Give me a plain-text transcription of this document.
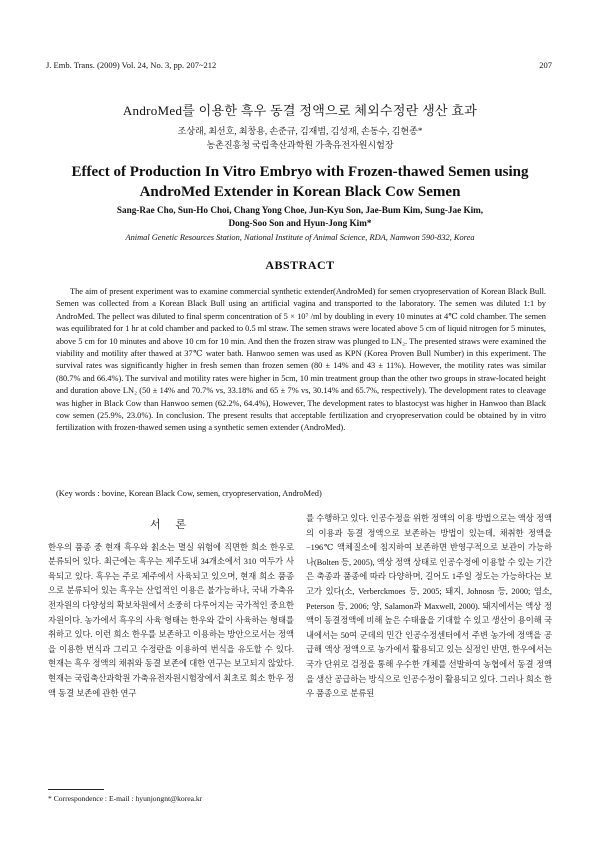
J. Emb. Trans. (2009) Vol. 24, No. 3, pp. 207~212	207
AndroMed를 이용한 흑우 동결 정액으로 체외수정란 생산 효과
조상래, 최선호, 최창용, 손준규, 김재범, 김성재, 손동수, 김현종*
농촌진흥청 국립축산과학원 가축유전자원시험장
Effect of Production In Vitro Embryo with Frozen-thawed Semen using AndroMed Extender in Korean Black Cow Semen
Sang-Rae Cho, Sun-Ho Choi, Chang Yong Choe, Jun-Kyu Son, Jae-Bum Kim, Sung-Jae Kim,
Dong-Soo Son and Hyun-Jong Kim*
Animal Genetic Resources Station, National Institute of Animal Science, RDA, Namwon 590-832, Korea
ABSTRACT

The aim of present experiment was to examine commercial synthetic extender(AndroMed) for semen cryopreservation of Korean Black Bull. Semen was collected from a Korean Black Bull using an artificial vagina and transported to the laboratory. The semen was diluted 1:1 by AndroMed. The pellect was diluted to final sperm concentration of 5 × 10⁷ /ml by doubling in every 10 minutes at 4℃ cold chamber. The semen was equilibrated for 1 hr at cold chamber and packed to 0.5 ml straw. The semen straws were located above 5 cm of liquid nitrogen for 5 minutes, above 5 cm for 10 minutes and above 10 cm for 10 min. And then the frozen straw was plunged to LN₂. The presented straws were examined the viability and motility after thawed at 37℃ water bath. Hanwoo semen was used as KPN (Korea Proven Bull Number) in this experiment. The survival rates was significantly higher in fresh semen than frozen semen (80 ± 14% and 43 ± 11%). However, the motility rates was similar (80.7% and 66.4%). The survival and motility rates were higher in 5cm, 10 min treatment group than the other two groups in straw-located height and duration above LN₂ (50 ± 14% and 70.7% vs, 33.18% and 65 ± 7% vs, 30.14% and 65.7%, respectively). The development rates to cleavage was higher in Black Cow than Hanwoo semen (62.2%, 64.4%), However, The development rates to blastocyst was higher in Hanwoo than Black cow semen (25.9%, 23.0%). In conclusion. The present results that acceptable fertilization and cryopreservation could be obtained by in vitro fertilization with frozen-thawed semen using a synthetic semen extender (AndroMed).

(Key words : bovine, Korean Black Cow, semen, cryopreservation, AndroMed)
서 론

한우의 품종 중 현재 흑우와 칡소는 멸실 위험에 직면한 희소 한우로 분류되어 있다. 최근에는 흑우는 제주도내 34개소에서 310 여두가 사육되고 있다. 흑우는 주로 제주에서 사육되고 있으며, 현재 희소 품종으로 분류되어 있는 흑우는 산업적인 이용은 불가능하나, 국내 가축유전자원의 다양성의 확보차원에서 소중히 다루어지는 국가적인 중요한 자원이다. 농가에서 흑우의 사육 형태는 한우와 같이 사육하는 형태를 취하고 있다. 이런 희소 한우를 보존하고 이용하는 방안으로서는 정액을 이용한 번식과 그리고 수정란을 이용하여 번식을 유도할 수 있다. 현재는 흑우 정액의 채취와 동결 보존에 대한 연구는 보고되지 않았다. 현재는 국립축산과학원 가축유전자원시험장에서 최초로 희소 한우 정액 동결 보존에 관한 연구

를 수행하고 있다. 인공수정을 위한 정액의 이용 방법으로는 액상 정액의 이용과 동결 정액으로 보존하는 방법이 있는데, 채취한 정액을 −196℃ 액체질소에 침지하여 보존하면 반영구적으로 보관이 가능하나(Bolten 등, 2005), 액상 정액 상태로 인공수정에 이용할 수 있는 기간은 축종과 품종에 따라 다양하며, 길어도 1주일 정도는 가능하다는 보고가 있다(소, Verberckmoes 등, 2005; 돼지, Johnosn 등, 2000; 염소, Peterson 등, 2006; 양, Salamon과 Maxwell, 2000). 돼지에서는 액상 정액이 동결정액에 비해 높은 수태율을 기대할 수 있고 생산이 용이해 국내에서는 50여 군데의 민간 인공수정센터에서 주변 농가에 정액을 공급해 액상 정액으로 농가에서 활용되고 있는 실정인 반면, 한우에서는 국가 단위로 검정을 통해 우수한 개체를 선발하여 농협에서 동결 정액을 생산 공급하는 방식으로 인공수정이 활용되고 있다. 그러나 희소 한우 품종으로 분류된

* Correspondence : E-mail : hyunjongnt@korea.kr
